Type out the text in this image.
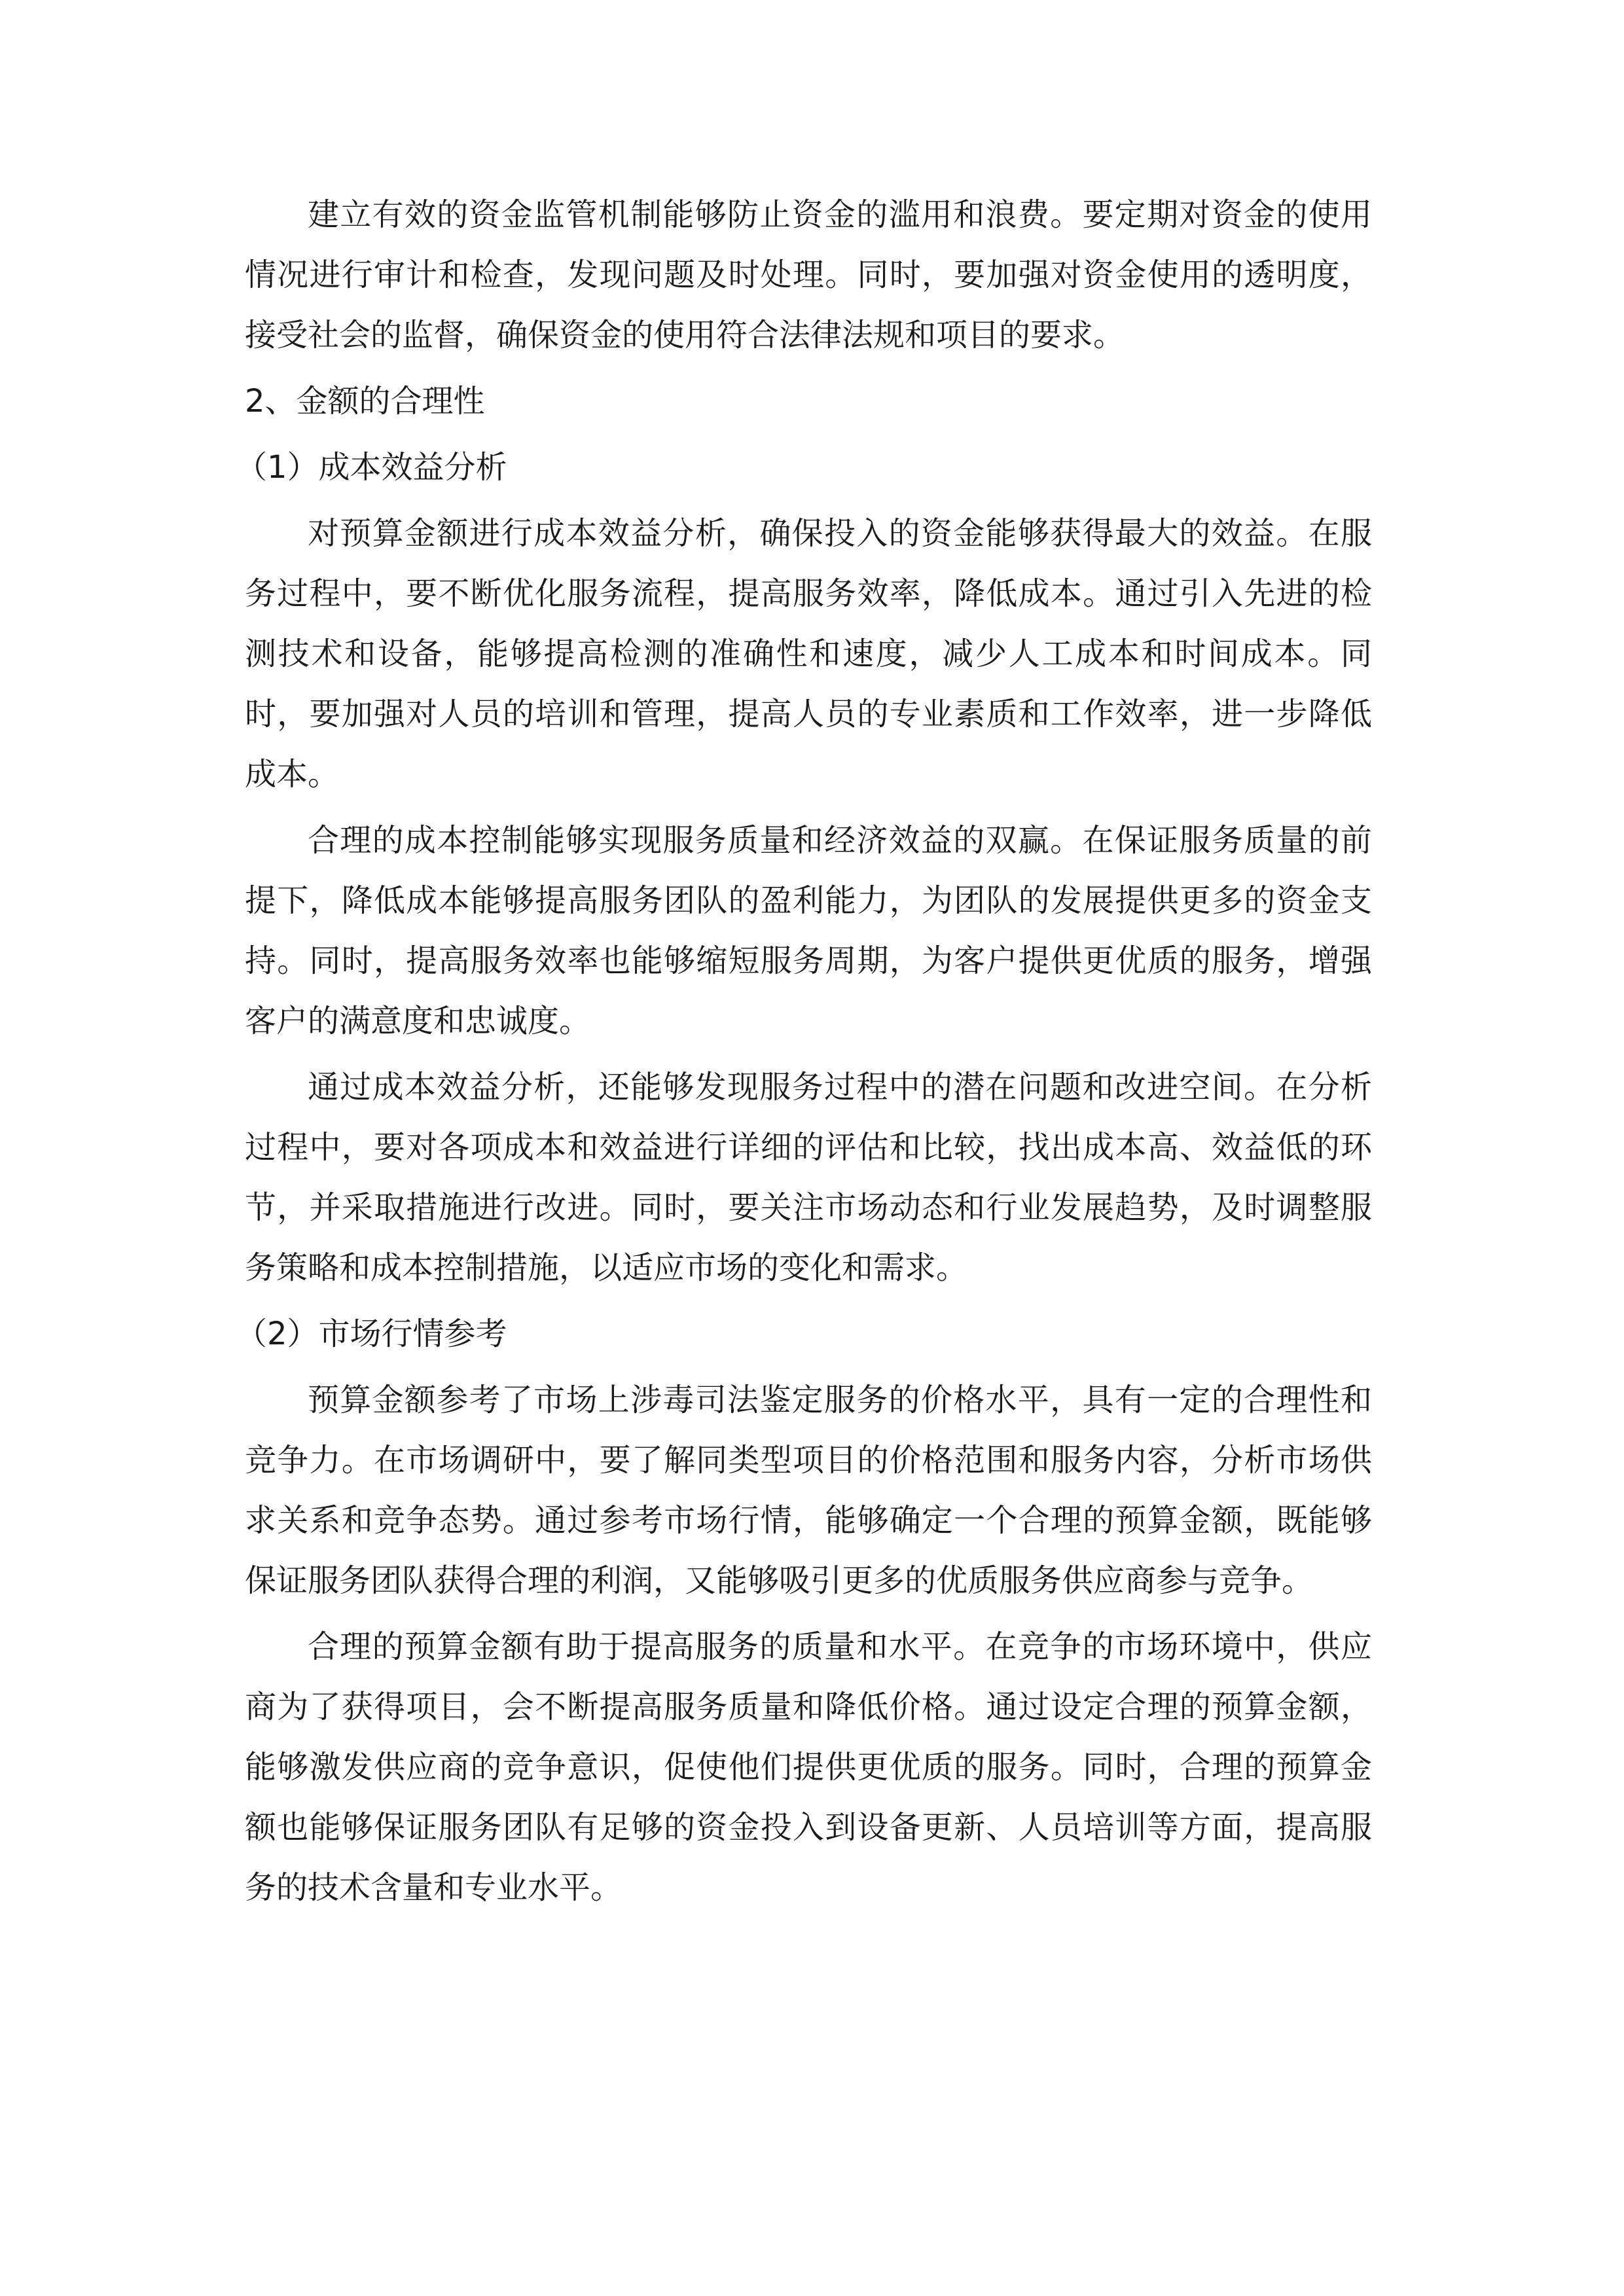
建立有效的资金监管机制能够防止资金的滥用和浪费。要定期对资金的使用情况进行审计和检查，发现问题及时处理。同时，要加强对资金使用的透明度，接受社会的监督，确保资金的使用符合法律法规和项目的要求。

2、金额的合理性

（1）成本效益分析

对预算金额进行成本效益分析，确保投入的资金能够获得最大的效益。在服务过程中，要不断优化服务流程，提高服务效率，降低成本。通过引入先进的检测技术和设备，能够提高检测的准确性和速度，减少人工成本和时间成本。同时，要加强对人员的培训和管理，提高人员的专业素质和工作效率，进一步降低成本。

合理的成本控制能够实现服务质量和经济效益的双赢。在保证服务质量的前提下，降低成本能够提高服务团队的盈利能力，为团队的发展提供更多的资金支持。同时，提高服务效率也能够缩短服务周期，为客户提供更优质的服务，增强客户的满意度和忠诚度。

通过成本效益分析，还能够发现服务过程中的潜在问题和改进空间。在分析过程中，要对各项成本和效益进行详细的评估和比较，找出成本高、效益低的环节，并采取措施进行改进。同时，要关注市场动态和行业发展趋势，及时调整服务策略和成本控制措施，以适应市场的变化和需求。

（2）市场行情参考

预算金额参考了市场上涉毒司法鉴定服务的价格水平，具有一定的合理性和竞争力。在市场调研中，要了解同类型项目的价格范围和服务内容，分析市场供求关系和竞争态势。通过参考市场行情，能够确定一个合理的预算金额，既能够保证服务团队获得合理的利润，又能够吸引更多的优质服务供应商参与竞争。

合理的预算金额有助于提高服务的质量和水平。在竞争的市场环境中，供应商为了获得项目，会不断提高服务质量和降低价格。通过设定合理的预算金额，能够激发供应商的竞争意识，促使他们提供更优质的服务。同时，合理的预算金额也能够保证服务团队有足够的资金投入到设备更新、人员培训等方面，提高服务的技术含量和专业水平。
